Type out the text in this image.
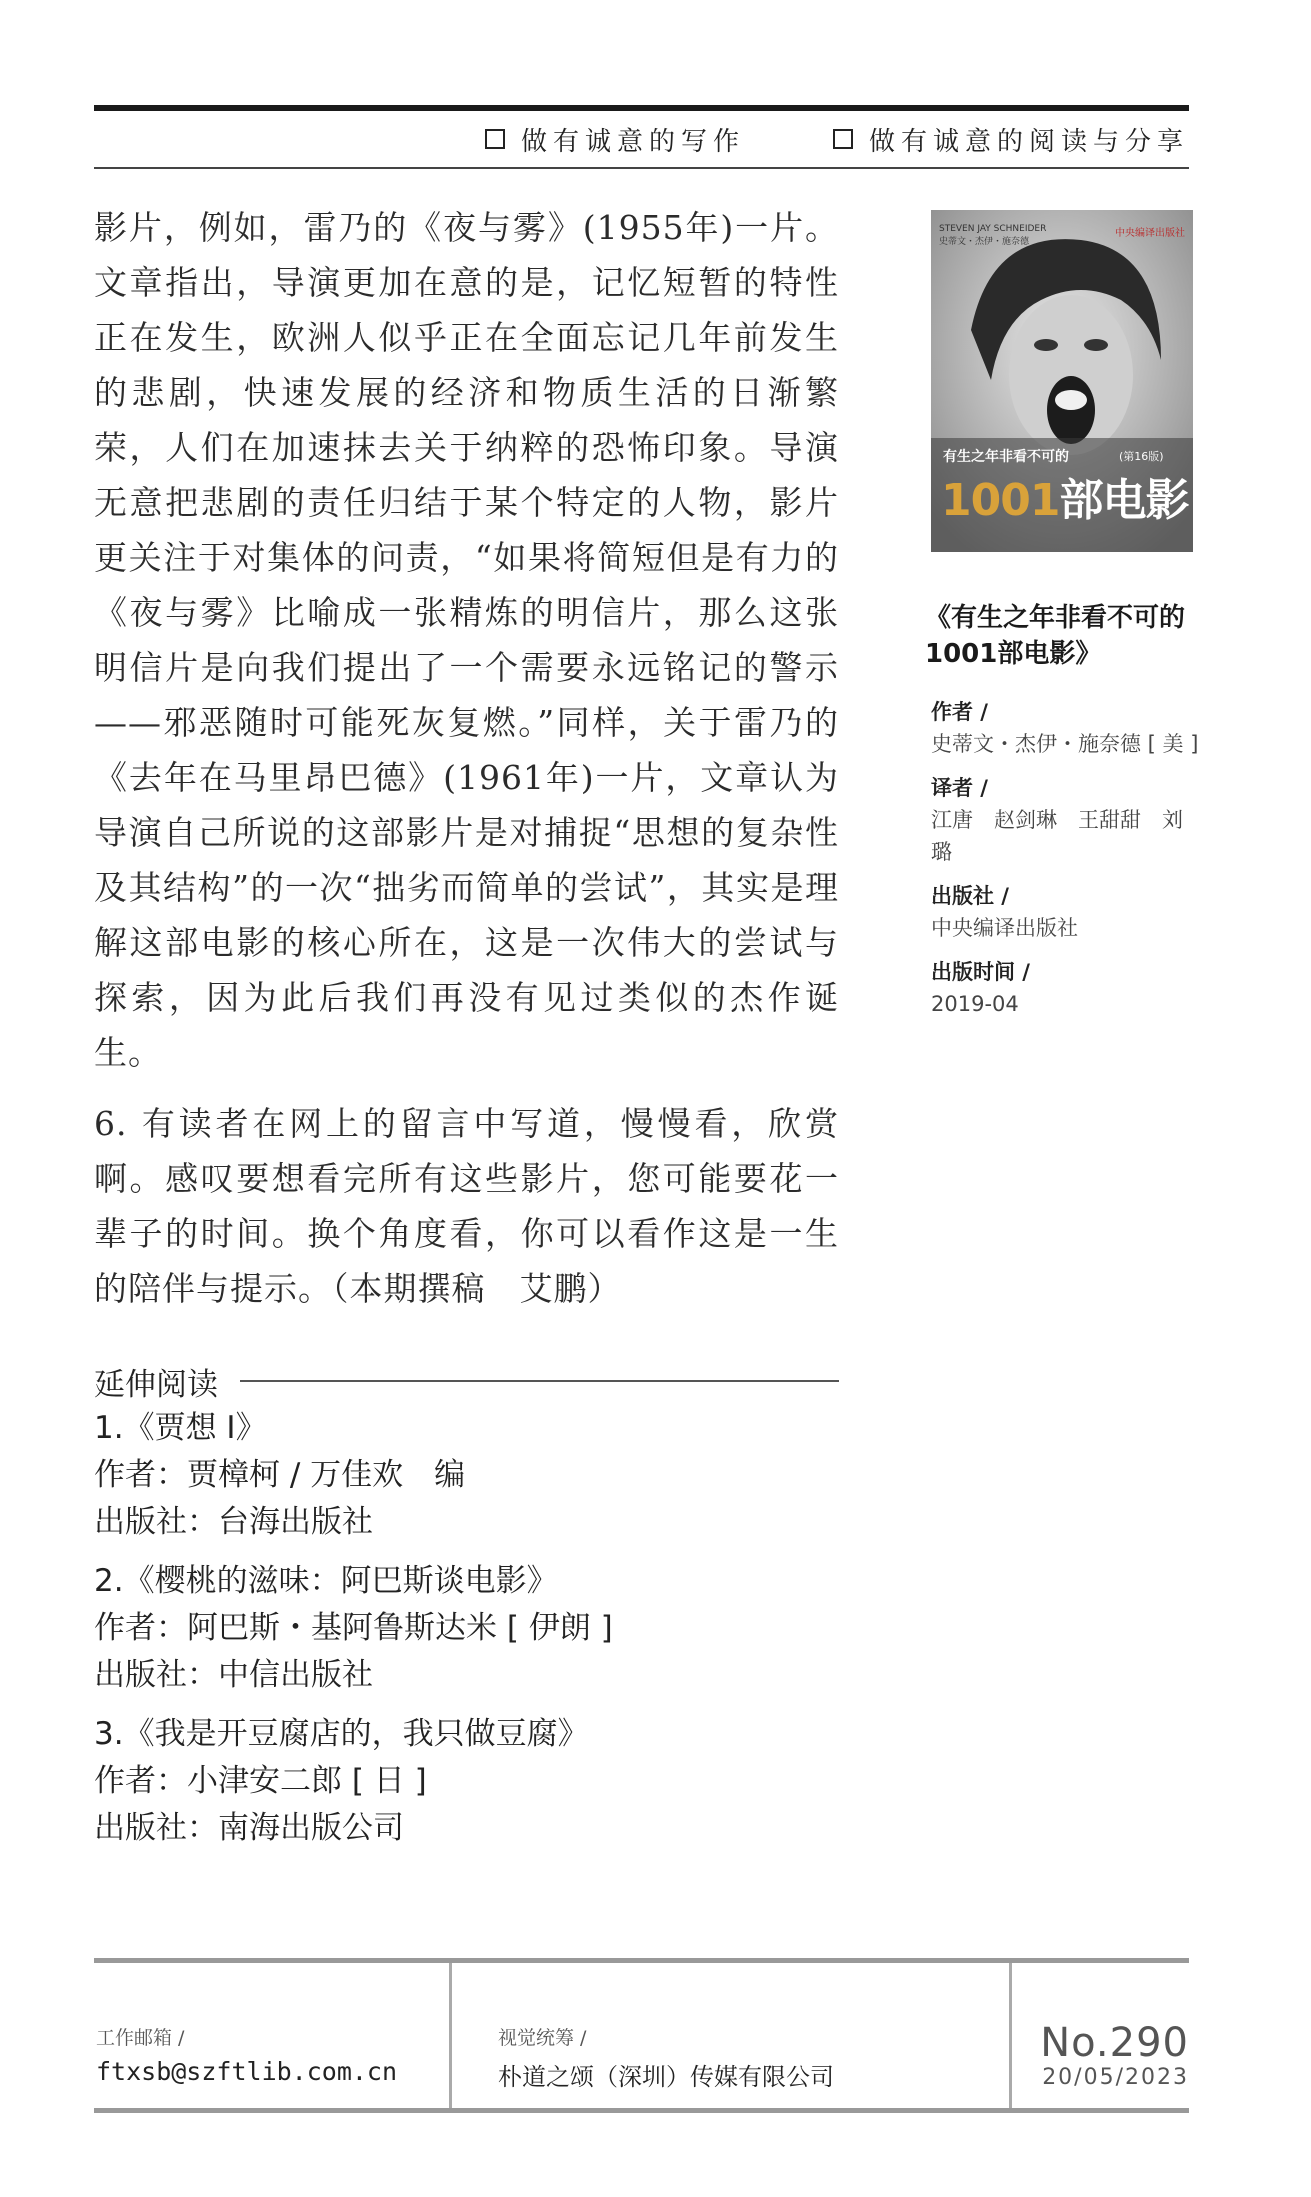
做有诚意的写作	做有诚意的阅读与分享

影片，例如，雷乃的《夜与雾》(1955年)一片。文章指出，导演更加在意的是，记忆短暂的特性正在发生，欧洲人似乎正在全面忘记几年前发生的悲剧，快速发展的经济和物质生活的日渐繁荣，人们在加速抹去关于纳粹的恐怖印象。导演无意把悲剧的责任归结于某个特定的人物，影片更关注于对集体的问责，“如果将简短但是有力的《夜与雾》比喻成一张精炼的明信片，那么这张明信片是向我们提出了一个需要永远铭记的警示——邪恶随时可能死灰复燃。”同样，关于雷乃的《去年在马里昂巴德》(1961年)一片，文章认为导演自己所说的这部影片是对捕捉“思想的复杂性及其结构”的一次“拙劣而简单的尝试”，其实是理解这部电影的核心所在，这是一次伟大的尝试与探索，因为此后我们再没有见过类似的杰作诞生。

6. 有读者在网上的留言中写道，慢慢看，欣赏啊。感叹要想看完所有这些影片，您可能要花一辈子的时间。换个角度看，你可以看作这是一生的陪伴与提示。（本期撰稿　艾鹏）

延伸阅读
1.《贾想 I》
作者：贾樟柯 / 万佳欢　编
出版社：台海出版社
2.《樱桃的滋味：阿巴斯谈电影》
作者：阿巴斯・基阿鲁斯达米 [ 伊朗 ]
出版社：中信出版社
3.《我是开豆腐店的，我只做豆腐》
作者：小津安二郎 [ 日 ]
出版社：南海出版公司
STEVEN JAY SCHNEIDER
史蒂文・杰伊・施奈德
中央编译出版社
有生之年非看不可的	(第16版)
1001部电影
《有生之年非看不可的1001部电影》
作者 /
史蒂文・杰伊・施奈德 [ 美 ]
译者 /
江唐　赵剑琳　王甜甜　刘璐
出版社 /
中央编译出版社
出版时间 /
2019-04
工作邮箱 /
ftxsb@szftlib.com.cn
视觉统筹 /
朴道之颂（深圳）传媒有限公司
No.290
20/05/2023
